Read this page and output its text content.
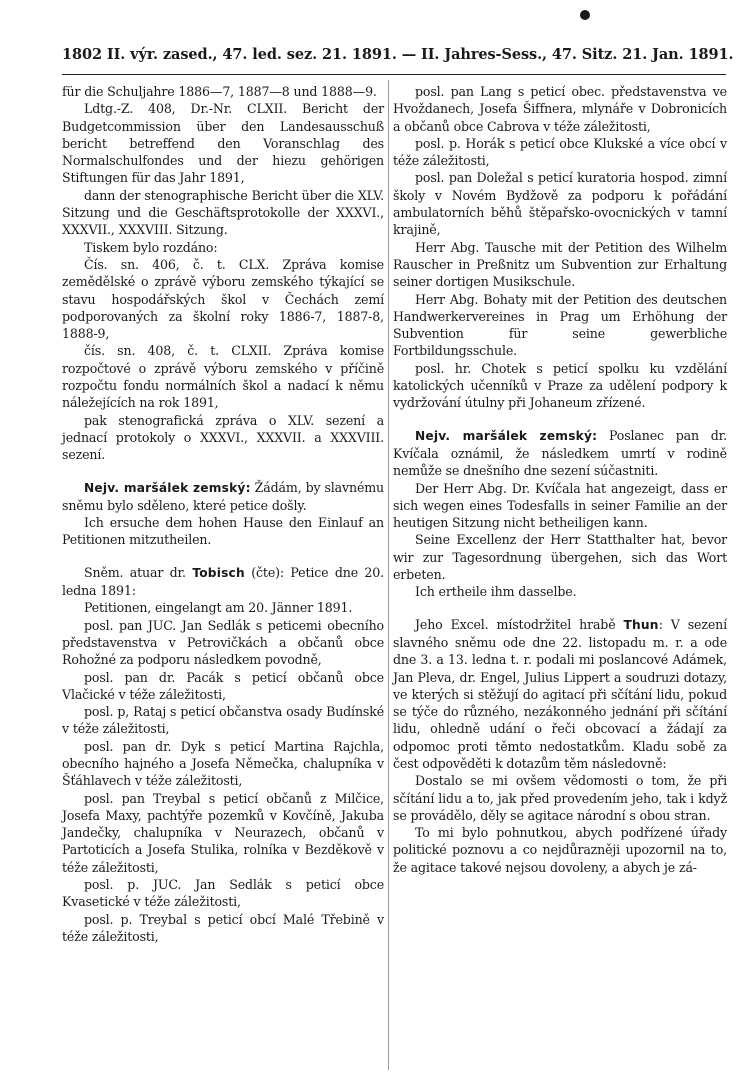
1802 II. výr. zased., 47. led. sez. 21. 1891. — II. Jahres-Sess., 47. Sitz. 21. Jan. 1891.

für die Schuljahre 1886—7, 1887—8 und 1888—9.

Ldtg.-Z. 408, Dr.-Nr. CLXII. Bericht der Budgetcommission über den Landesausschuß bericht betreffend den Voranschlag des Normalschulfondes und der hiezu gehörigen Stiftungen für das Jahr 1891,

dann der stenographische Bericht über die XLV. Sitzung und die Geschäftsprotokolle der XXXVI., XXXVII., XXXVIII. Sitzung.

Tiskem bylo rozdáno:

Čís. sn. 406, č. t. CLX. Zpráva komise zemědělské o zprávě výboru zemského týkající se stavu hospodářských škol v Čechách zemí podporovaných za školní roky 1886-7, 1887-8, 1888-9,

čís. sn. 408, č. t. CLXII. Zpráva komise rozpočtové o zprávě výboru zemského v příčině rozpočtu fondu normálních škol a nadací k němu náležejících na rok 1891,

pak stenografická zpráva o XLV. sezení a jednací protokoly o XXXVI., XXXVII. a XXXVIII. sezení.

Nejv. maršálek zemský: Žádám, by slavnému sněmu bylo sděleno, které petice došly.

Ich ersuche dem hohen Hause den Einlauf an Petitionen mitzutheilen.

Sněm. atuar dr. Tobisch (čte): Petice dne 20. ledna 1891:

Petitionen, eingelangt am 20. Jänner 1891.

posl. pan JUC. Jan Sedlák s peticemi obecního představenstva v Petrovičkách a občanů obce Rohožné za podporu následkem povodně,

posl. pan dr. Pacák s peticí občanů obce Vlačické v téže záležitosti,

posl. p, Rataj s peticí občanstva osady Budínské v téže záležitosti,

posl. pan dr. Dyk s peticí Martina Rajchla, obecního hajného a Josefa Němečka, chalupníka v Šťáhlavech v téže záležitosti,

posl. pan Treybal s peticí občanů z Milčice, Josefa Maxy, pachtýře pozemků v Kovčíně, Jakuba Jandečky, chalupníka v Neurazech, občanů v Partoticích a Josefa Stulika, rolníka v Bezděkově v téže záležitosti,

posl. p. JUC. Jan Sedlák s peticí obce Kvasetické v téže záležitosti,

posl. p. Treybal s peticí obcí Malé Třebině v téže záležitosti,

posl. pan Lang s peticí obec. představenstva ve Hvoždanech, Josefa Šiffnera, mlynáře v Dobronicích a občanů obce Cabrova v téže záležitosti,

posl. p. Horák s peticí obce Klukské a více obcí v téže záležitosti,

posl. pan Doležal s peticí kuratoria hospod. zimní školy v Novém Bydžově za podporu k pořádání ambulatorních běhů štěpařsko-ovocnických v tamní krajině,

Herr Abg. Tausche mit der Petition des Wilhelm Rauscher in Preßnitz um Subvention zur Erhaltung seiner dortigen Musikschule.

Herr Abg. Bohaty mit der Petition des deutschen Handwerkervereines in Prag um Erhöhung der Subvention für seine gewerbliche Fortbildungsschule.

posl. hr. Chotek s peticí spolku ku vzdělání katolických učenníků v Praze za udělení podpory k vydržování útulny při Johaneum zřízené.

Nejv. maršálek zemský: Poslanec pan dr. Kvíčala oznámil, že následkem umrtí v rodině nemůže se dnešního dne sezení súčastniti.

Der Herr Abg. Dr. Kvíčala hat angezeigt, dass er sich wegen eines Todesfalls in seiner Familie an der heutigen Sitzung nicht betheiligen kann.

Seine Excellenz der Herr Statthalter hat, bevor wir zur Tagesordnung übergehen, sich das Wort erbeten.

Ich ertheile ihm dasselbe.

Jeho Excel. místodržitel hrabě Thun: V sezení slavného sněmu ode dne 22. listopadu m. r. a ode dne 3. a 13. ledna t. r. podali mi poslancové Adámek, Jan Pleva, dr. Engel, Julius Lippert a soudruzi dotazy, ve kterých si stěžují do agitací při sčítání lidu, pokud se týče do různého, nezákonného jednání při sčítání lidu, ohledně udání o řeči obcovací a žádají za odpomoc proti těmto nedostatkům. Kladu sobě za čest odpověděti k dotazům těm následovně:

Dostalo se mi ovšem vědomosti o tom, že při sčítání lidu a to, jak před provedením jeho, tak i když se provádělo, děly se agitace národní s obou stran.

To mi bylo pohnutkou, abych podřízené úřady politické poznovu a co nejdůrazněji upozornil na to, že agitace takové nejsou dovoleny, a abych je zá-
